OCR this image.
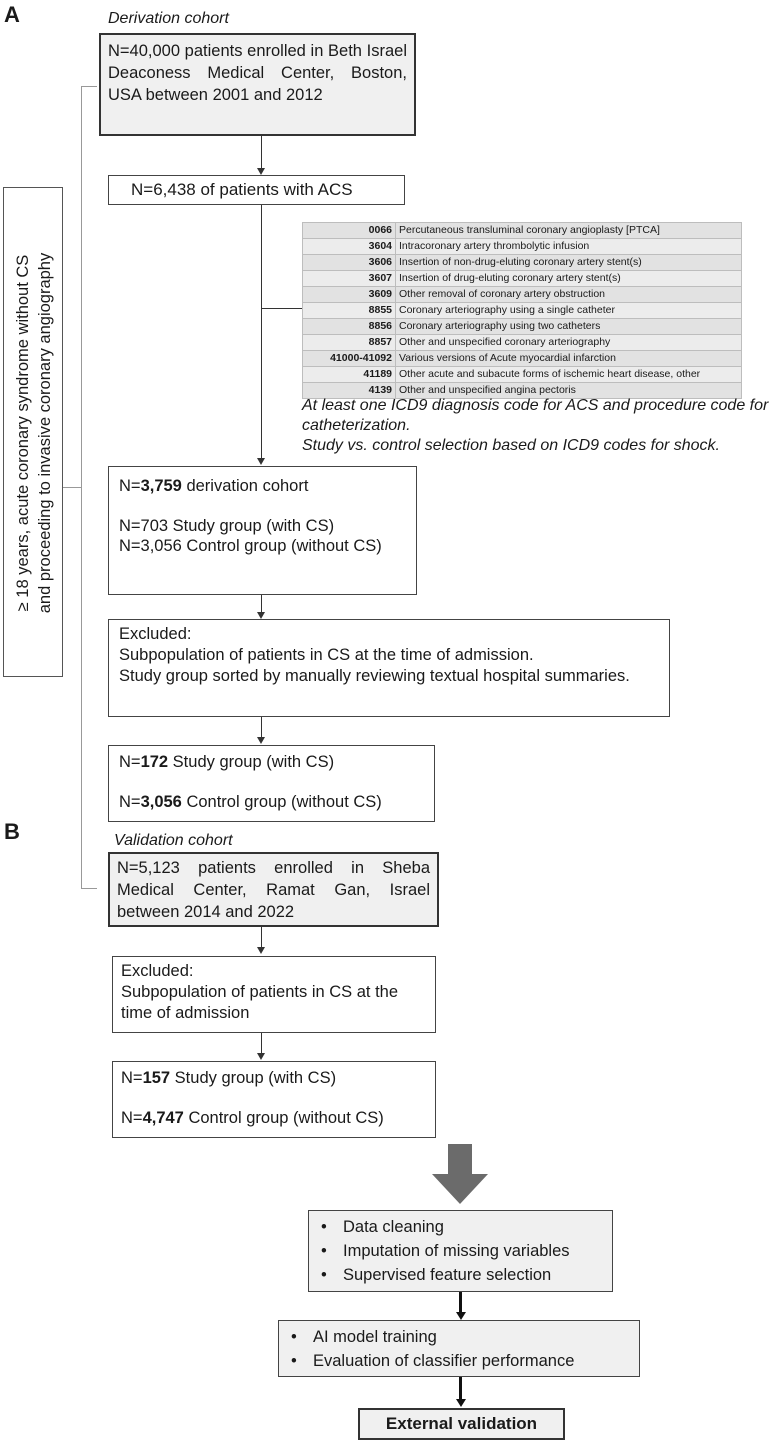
A	Derivation cohort
N=40,000 patients enrolled in Beth Israel Deaconess Medical Center, Boston, USA between 2001 and 2012
N=6,438 of patients with ACS
0066	Percutaneous transluminal coronary angioplasty [PTCA]
3604	Intracoronary artery thrombolytic infusion
3606	Insertion of non-drug-eluting coronary artery stent(s)
3607	Insertion of drug-eluting coronary artery stent(s)
3609	Other removal of coronary artery obstruction
8855	Coronary arteriography using a single catheter
8856	Coronary arteriography using two catheters
8857	Other and unspecified coronary arteriography
41000-41092	Various versions of Acute myocardial infarction
41189	Other acute and subacute forms of ischemic heart disease, other
4139	Other and unspecified angina pectoris
At least one ICD9 diagnosis code for ACS and procedure code for catheterization.
Study vs. control selection based on ICD9 codes for shock.
N=3,759 derivation cohort
N=703 Study group (with CS)
N=3,056 Control group (without CS)
Excluded:
Subpopulation of patients in CS at the time of admission.
Study group sorted by manually reviewing textual hospital summaries.
N=172 Study group (with CS)
N=3,056 Control group (without CS)
≥ 18 years, acute coronary syndrome without CS and proceeding to invasive coronary angiography
B	Validation cohort
N=5,123 patients enrolled in Sheba Medical Center, Ramat Gan, Israel between 2014 and 2022
Excluded:
Subpopulation of patients in CS at the time of admission
N=157 Study group (with CS)
N=4,747 Control group (without CS)
• Data cleaning
• Imputation of missing variables
• Supervised feature selection
• AI model training
• Evaluation of classifier performance
External validation
